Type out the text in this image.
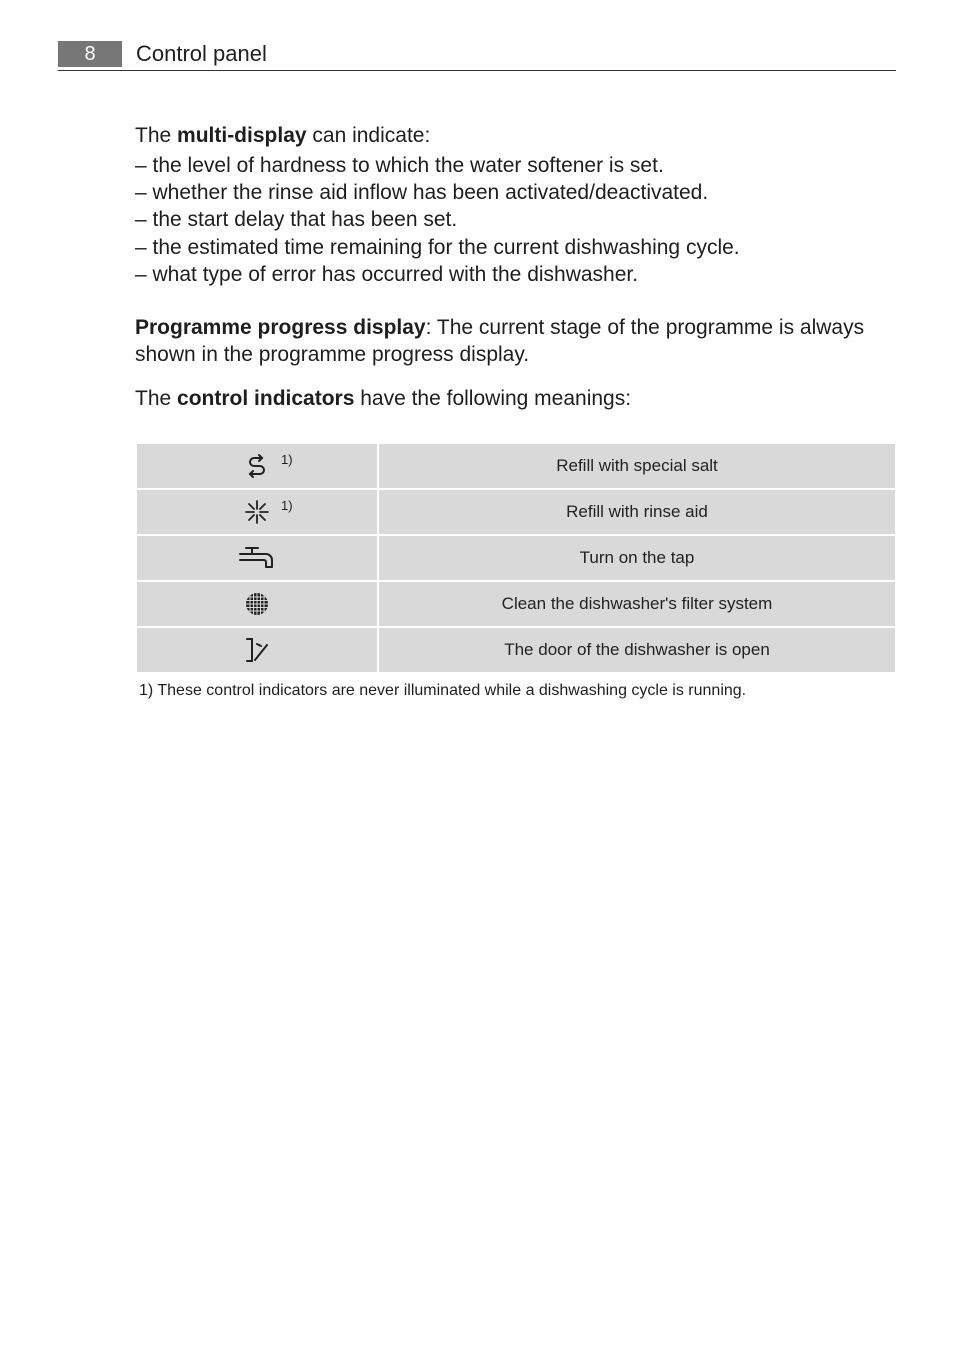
8	Control panel

The multi-display can indicate:

– the level of hardness to which the water softener is set.
– whether the rinse aid inflow has been activated/deactivated.
– the start delay that has been set.
– the estimated time remaining for the current dishwashing cycle.
– what type of error has occurred with the dishwasher.

Programme progress display: The current stage of the programme is always shown in the programme progress display.

The control indicators have the following meanings:

1)	Refill with special salt

1)	Refill with rinse aid

	Turn on the tap

	Clean the dishwasher's filter system

	The door of the dishwasher is open
1) These control indicators are never illuminated while a dishwashing cycle is running.
